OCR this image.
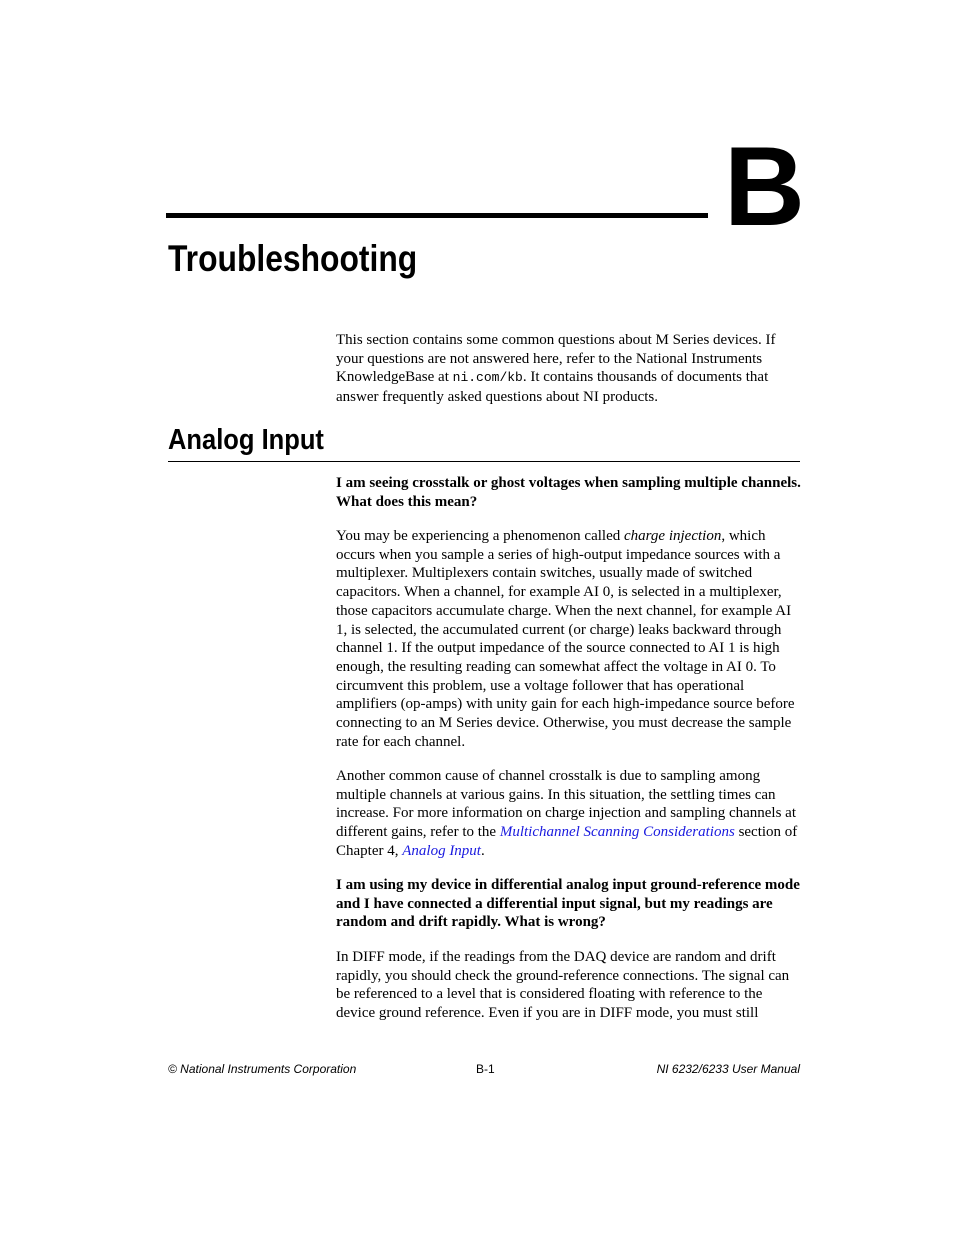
B
Troubleshooting

This section contains some common questions about M Series devices. If your questions are not answered here, refer to the National Instruments KnowledgeBase at ni.com/kb. It contains thousands of documents that answer frequently asked questions about NI products.

Analog Input

I am seeing crosstalk or ghost voltages when sampling multiple channels. What does this mean?

You may be experiencing a phenomenon called charge injection, which occurs when you sample a series of high-output impedance sources with a multiplexer. Multiplexers contain switches, usually made of switched capacitors. When a channel, for example AI 0, is selected in a multiplexer, those capacitors accumulate charge. When the next channel, for example AI 1, is selected, the accumulated current (or charge) leaks backward through channel 1. If the output impedance of the source connected to AI 1 is high enough, the resulting reading can somewhat affect the voltage in AI 0. To circumvent this problem, use a voltage follower that has operational amplifiers (op-amps) with unity gain for each high-impedance source before connecting to an M Series device. Otherwise, you must decrease the sample rate for each channel.

Another common cause of channel crosstalk is due to sampling among multiple channels at various gains. In this situation, the settling times can increase. For more information on charge injection and sampling channels at different gains, refer to the Multichannel Scanning Considerations section of Chapter 4, Analog Input.

I am using my device in differential analog input ground-reference mode and I have connected a differential input signal, but my readings are random and drift rapidly. What is wrong?

In DIFF mode, if the readings from the DAQ device are random and drift rapidly, you should check the ground-reference connections. The signal can be referenced to a level that is considered floating with reference to the device ground reference. Even if you are in DIFF mode, you must still

© National Instruments Corporation	B-1	NI 6232/6233 User Manual
